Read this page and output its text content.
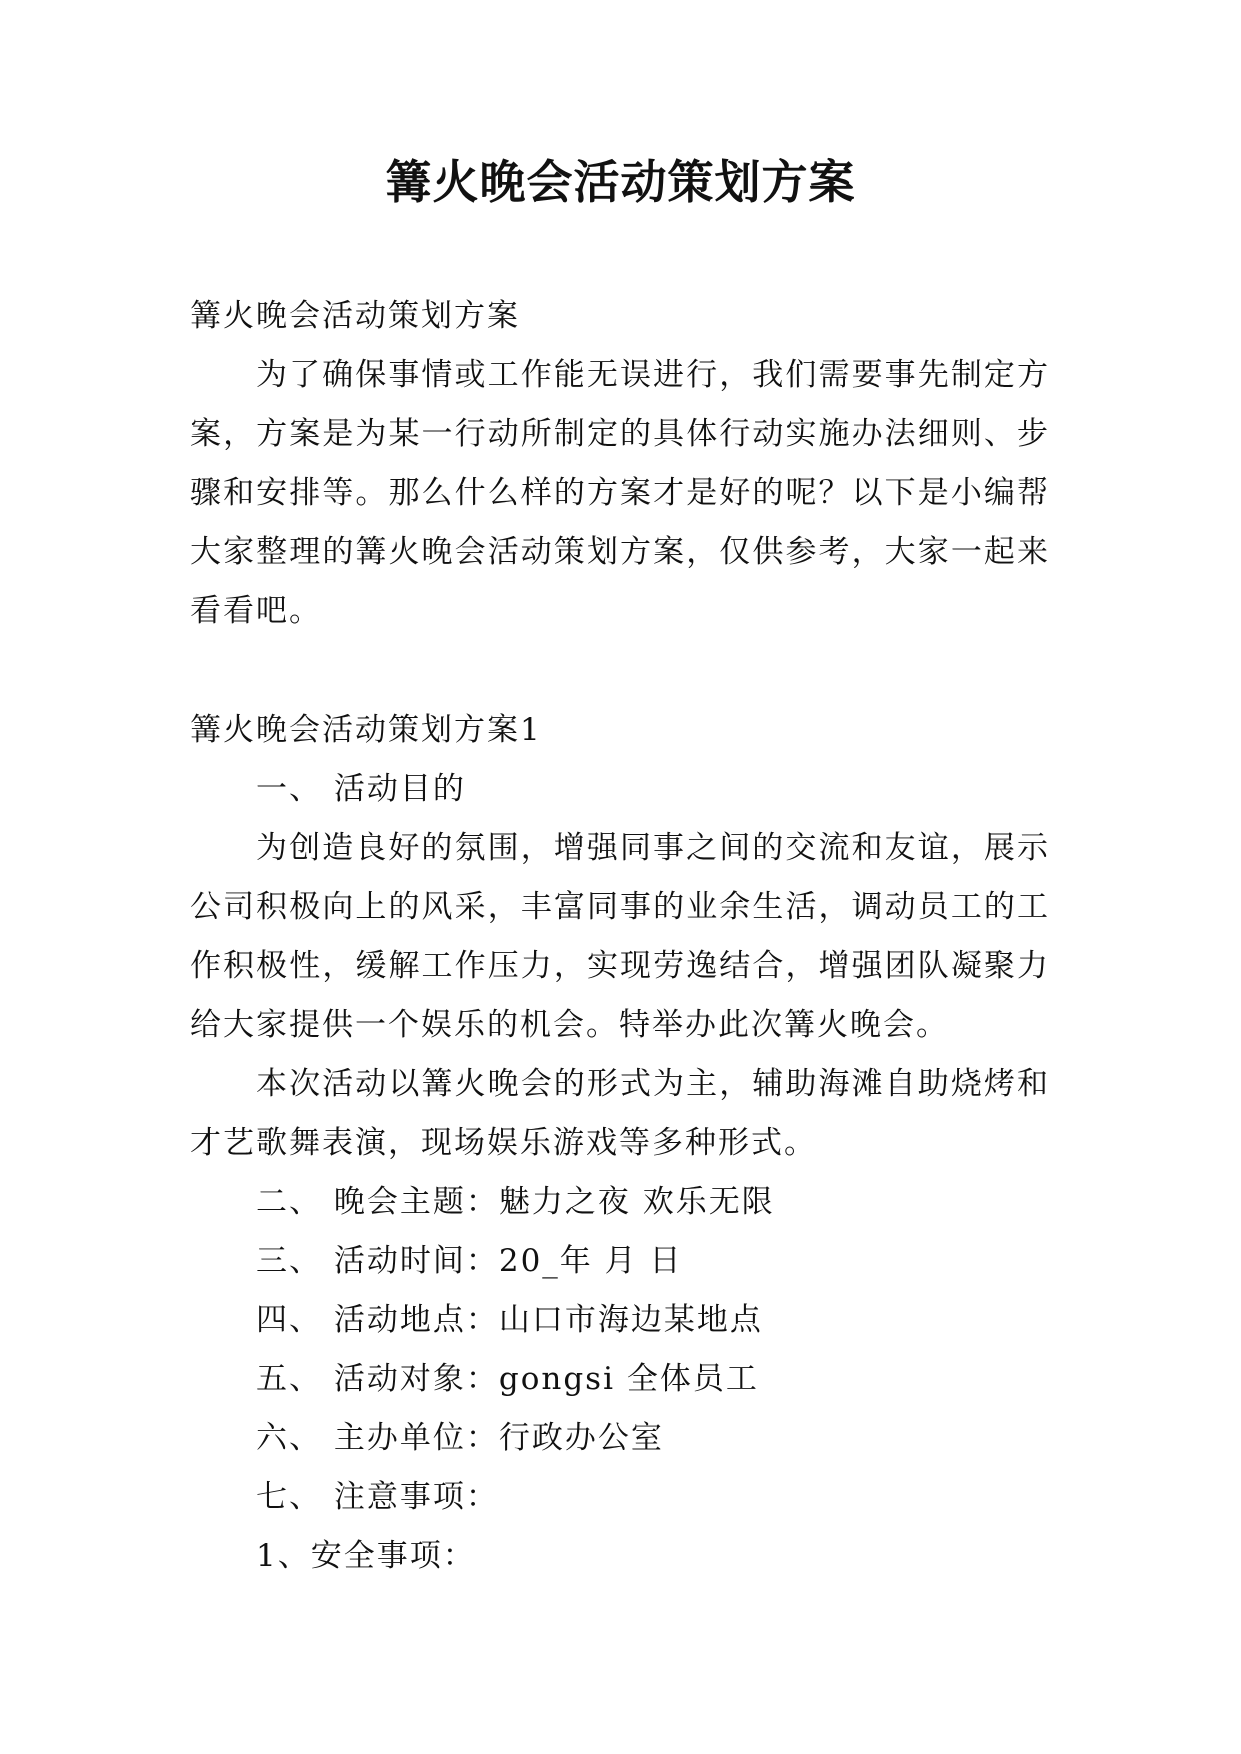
篝火晚会活动策划方案

篝火晚会活动策划方案

为了确保事情或工作能无误进行，我们需要事先制定方案，方案是为某一行动所制定的具体行动实施办法细则、步骤和安排等。那么什么样的方案才是好的呢？以下是小编帮大家整理的篝火晚会活动策划方案，仅供参考，大家一起来看看吧。

篝火晚会活动策划方案1

一、 活动目的

为创造良好的氛围，增强同事之间的交流和友谊，展示公司积极向上的风采，丰富同事的业余生活，调动员工的工作积极性，缓解工作压力，实现劳逸结合，增强团队凝聚力给大家提供一个娱乐的机会。特举办此次篝火晚会。

本次活动以篝火晚会的形式为主，辅助海滩自助烧烤和才艺歌舞表演，现场娱乐游戏等多种形式。

二、 晚会主题：魅力之夜 欢乐无限

三、 活动时间：20_年 月 日

四、 活动地点：山口市海边某地点

五、 活动对象：gongsi 全体员工

六、 主办单位：行政办公室

七、 注意事项：

1、安全事项：
